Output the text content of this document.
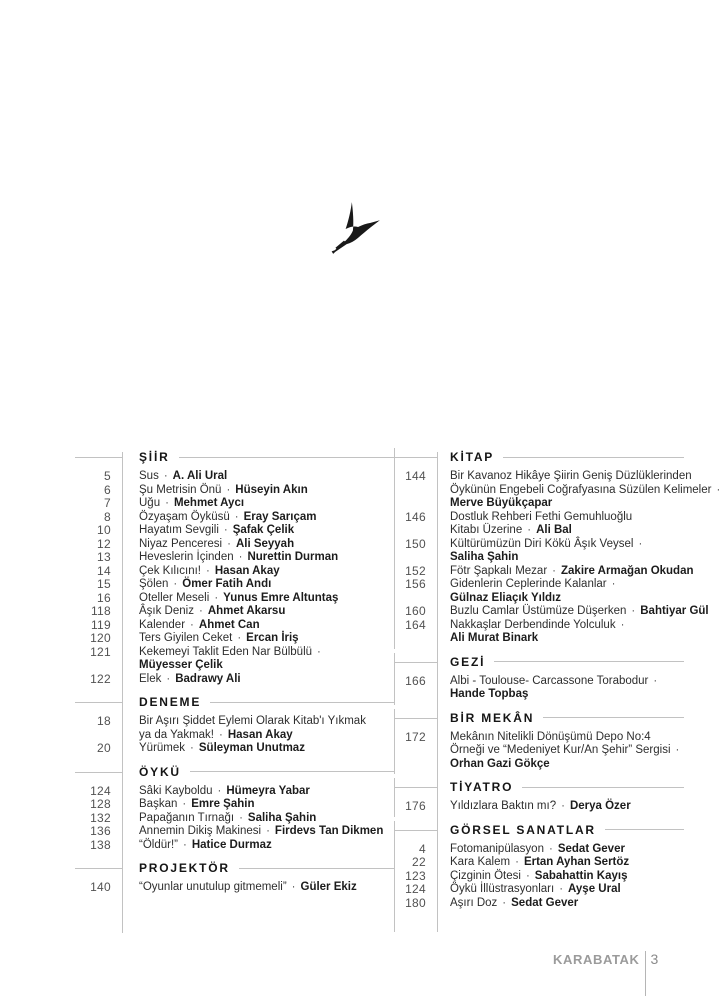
ŞİİR
5	Sus · A. Ali Ural
6	Şu Metrisin Önü · Hüseyin Akın
7	Uğu · Mehmet Aycı
8	Özyaşam Öyküsü · Eray Sarıçam
10	Hayatım Sevgili · Şafak Çelik
12	Niyaz Penceresi · Ali Seyyah
13	Heveslerin İçinden · Nurettin Durman
14	Çek Kılıcını! · Hasan Akay
15	Şölen · Ömer Fatih Andı
16	Oteller Meseli · Yunus Emre Altuntaş
118	Âşık Deniz · Ahmet Akarsu
119	Kalender · Ahmet Can
120	Ters Giyilen Ceket · Ercan İriş
121	Kekemeyi Taklit Eden Nar Bülbülü ·
Müyesser Çelik
122	Elek · Badrawy Ali
DENEME
18	Bir Aşırı Şiddet Eylemi Olarak Kitab'ı Yıkmak
ya da Yakmak! · Hasan Akay
20	Yürümek · Süleyman Unutmaz
ÖYKÜ
124	Sâki Kayboldu · Hümeyra Yabar
128	Başkan · Emre Şahin
132	Papağanın Tırnağı · Saliha Şahin
136	Annemin Dikiş Makinesi · Firdevs Tan Dikmen
138	“Öldür!” · Hatice Durmaz
PROJEKTÖR
140	“Oyunlar unutulup gitmemeli” · Güler Ekiz
KİTAP
144	Bir Kavanoz Hikâye Şiirin Geniş Düzlüklerinden
Öykünün Engebeli Coğrafyasına Süzülen Kelimeler ·
Merve Büyükçapar
146	Dostluk Rehberi Fethi Gemuhluoğlu
Kitabı Üzerine · Ali Bal
150	Kültürümüzün Diri Kökü Âşık Veysel ·
Saliha Şahin
152	Fötr Şapkalı Mezar · Zakire Armağan Okudan
156	Gidenlerin Ceplerinde Kalanlar ·
Gülnaz Eliaçık Yıldız
160	Buzlu Camlar Üstümüze Düşerken · Bahtiyar Gül
164	Nakkaşlar Derbendinde Yolculuk ·
Ali Murat Binark
GEZİ
166	Albi - Toulouse- Carcassone Torabodur ·
Hande Topbaş
BİR MEKÂN
172	Mekânın Nitelikli Dönüşümü Depo No:4
Örneği ve “Medeniyet Kur/An Şehir” Sergisi ·
Orhan Gazi Gökçe
TİYATRO
176	Yıldızlara Baktın mı? · Derya Özer
GÖRSEL SANATLAR
4	Fotomanipülasyon · Sedat Gever
22	Kara Kalem · Ertan Ayhan Sertöz
123	Çizginin Ötesi · Sabahattin Kayış
124	Öykü İllüstrasyonları · Ayşe Ural
180	Aşırı Doz · Sedat Gever
KARABATAK 3
